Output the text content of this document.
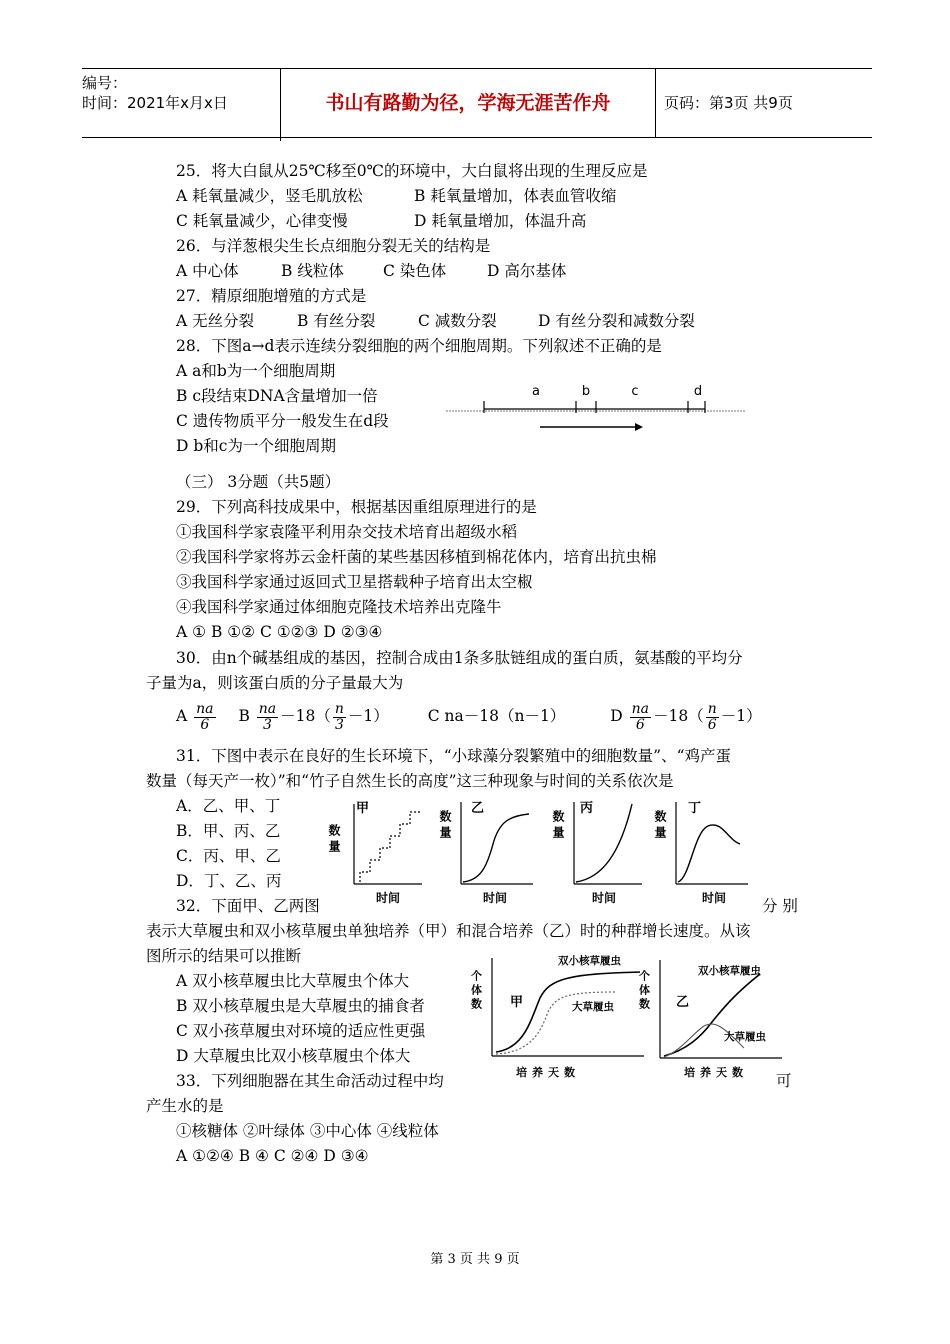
编号：
时间：2021年x月x日	书山有路勤为径，学海无涯苦作舟	页码：第3页 共9页
25．将大白鼠从25℃移至0℃的环境中，大白鼠将出现的生理反应是
A 耗氧量减少，竖毛肌放松	B 耗氧量增加，体表血管收缩
C 耗氧量减少，心律变慢	D 耗氧量增加，体温升高
26．与洋葱根尖生长点细胞分裂无关的结构是
A 中心体	B 线粒体	C 染色体	D 高尔基体
27．精原细胞增殖的方式是
A 无丝分裂	B 有丝分裂	C 减数分裂	D 有丝分裂和减数分裂
28．下图a→d表示连续分裂细胞的两个细胞周期。下列叙述不正确的是
A a和b为一个细胞周期
B c段结束DNA含量增加一倍
C 遗传物质平分一般发生在d段
D b和c为一个细胞周期
a	b	c	d
（三） 3分题（共5题）
29．下列高科技成果中，根据基因重组原理进行的是
①我国科学家袁隆平利用杂交技术培育出超级水稻
②我国科学家将苏云金杆菌的某些基因移植到棉花体内，培育出抗虫棉
③我国科学家通过返回式卫星搭载种子培育出太空椒
④我国科学家通过体细胞克隆技术培养出克隆牛
A ① B ①② C ①②③ D ②③④
30．由n个碱基组成的基因，控制合成由1条多肽链组成的蛋白质，氨基酸的平均分
子量为a，则该蛋白质的分子量最大为
A $\frac{na}{6}$ B $\frac{na}{3} -18( \frac{n}{3} -1)$	C na－18（n－1）	D $\frac{na}{6} -18( \frac{n}{6} -1)$
31．下图中表示在良好的生长环境下，“小球藻分裂繁殖中的细胞数量”、“鸡产蛋
数量（每天产一枚）”和“竹子自然生长的高度”这三种现象与时间的关系依次是
A．乙、甲、丁
B．甲、丙、乙
C．丙、甲、乙
D．丁、乙、丙
甲
数量
时间
乙
数量
时间
丙
数量
时间
丁
数量
时间
32．下面甲、乙两图	分 别
表示大草履虫和双小核草履虫单独培养（甲）和混合培养（乙）时的种群增长速度。从该
图所示的结果可以推断
A 双小核草履虫比大草履虫个体大
B 双小核草履虫是大草履虫的捕食者
C 双小孩草履虫对环境的适应性更强
D 大草履虫比双小核草履虫个体大
个体数 甲
双小核草履虫
大草履虫
培养天数
个体数 乙
双小核草履虫
大草履虫
培养天数
33．下列细胞器在其生命活动过程中均	可
产生水的是
①核糖体 ②叶绿体 ③中心体 ④线粒体
A ①②④ B ④ C ②④ D ③④
第 3 页 共 9 页
